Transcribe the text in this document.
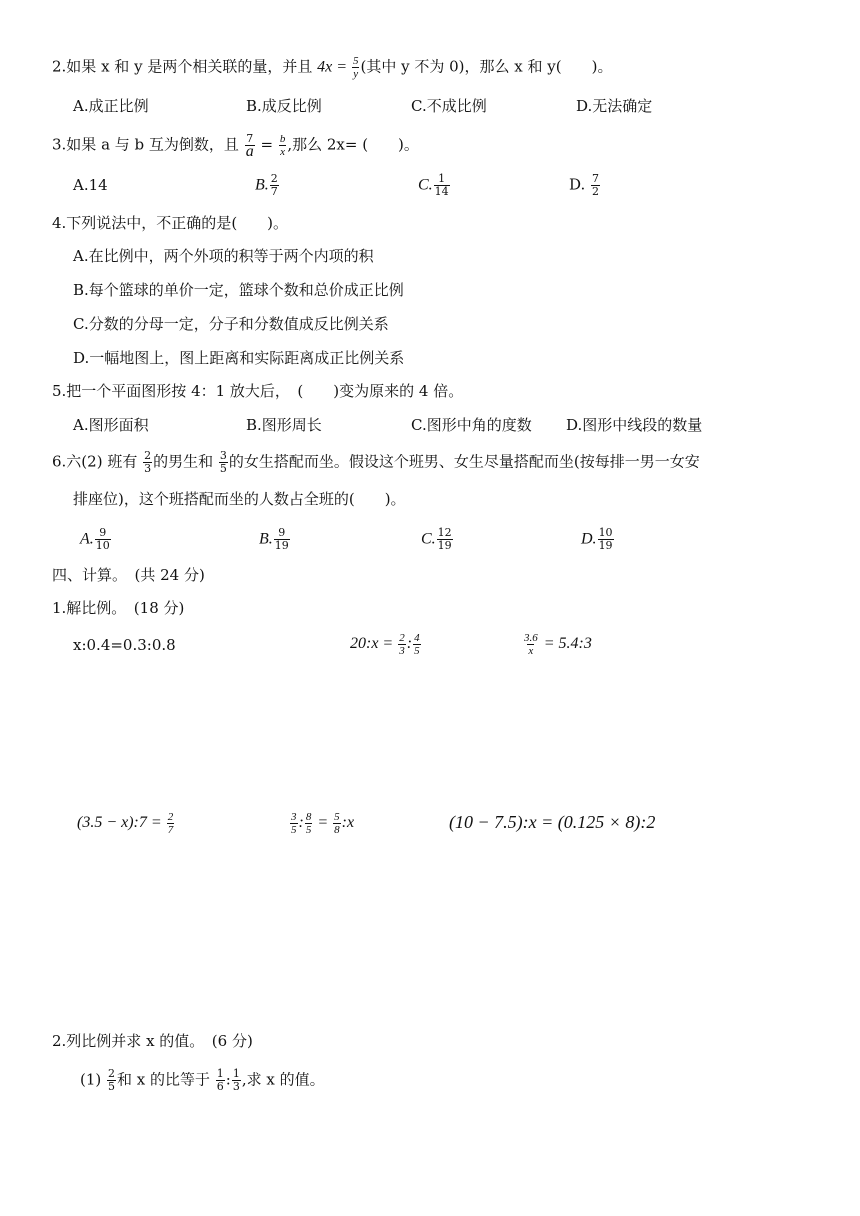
2.如果 x 和 y 是两个相关联的量，并且 $4x = \frac{5}{y}$ (其中 y 不为 0)，那么 x 和 y(　　)。
A.成正比例	B.成反比例	C.不成比例	D.无法确定
3.如果 a 与 b 互为倒数，且 $\frac{7}{a} = \frac{b}{x}$ ,那么 2x= (　　)。
A.14	B. $\frac{2}{7}$	C. $\frac{1}{14}$	D. $\frac{7}{2}$
4.下列说法中，不正确的是(　　)。
A.在比例中，两个外项的积等于两个内项的积
B.每个篮球的单价一定，篮球个数和总价成正比例
C.分数的分母一定，分子和分数值成反比例关系
D.一幅地图上，图上距离和实际距离成正比例关系
5.把一个平面图形按 4：1 放大后，　(　　)变为原来的 4 倍。
A.图形面积	B.图形周长	C.图形中角的度数 D.图形中线段的数量
6.六(2) 班有 $\frac{2}{3}$ 的男生和 $\frac{3}{5}$ 的女生搭配而坐。假设这个班男、女生尽量搭配而坐(按每排一男一女安
排座位)，这个班搭配而坐的人数占全班的(　　)。
A. $\frac{9}{10}$	B. $\frac{9}{19}$	C. $\frac{12}{19}$	D. $\frac{10}{19}$
四、计算。　(共 24 分)
1.解比例。　(18 分)
x:0.4=0.3:0.8	20:x = $\frac{2}{3}$ : $\frac{4}{5}$	$\frac{3.6}{x}$ = 5.4:3
(3.5 − x):7 = $\frac{2}{7}$	$\frac{3}{5}$ : $\frac{8}{5} = \frac{5}{8}$ :x	(10 − 7.5):x = (0.125 × 8):2
2.列比例并求 x 的值。　(6 分)
$(1) \frac{2}{5}$ 和 x 的比等于 $\frac{1}{6}$ : $\frac{1}{3}$ ,求 x 的值。
